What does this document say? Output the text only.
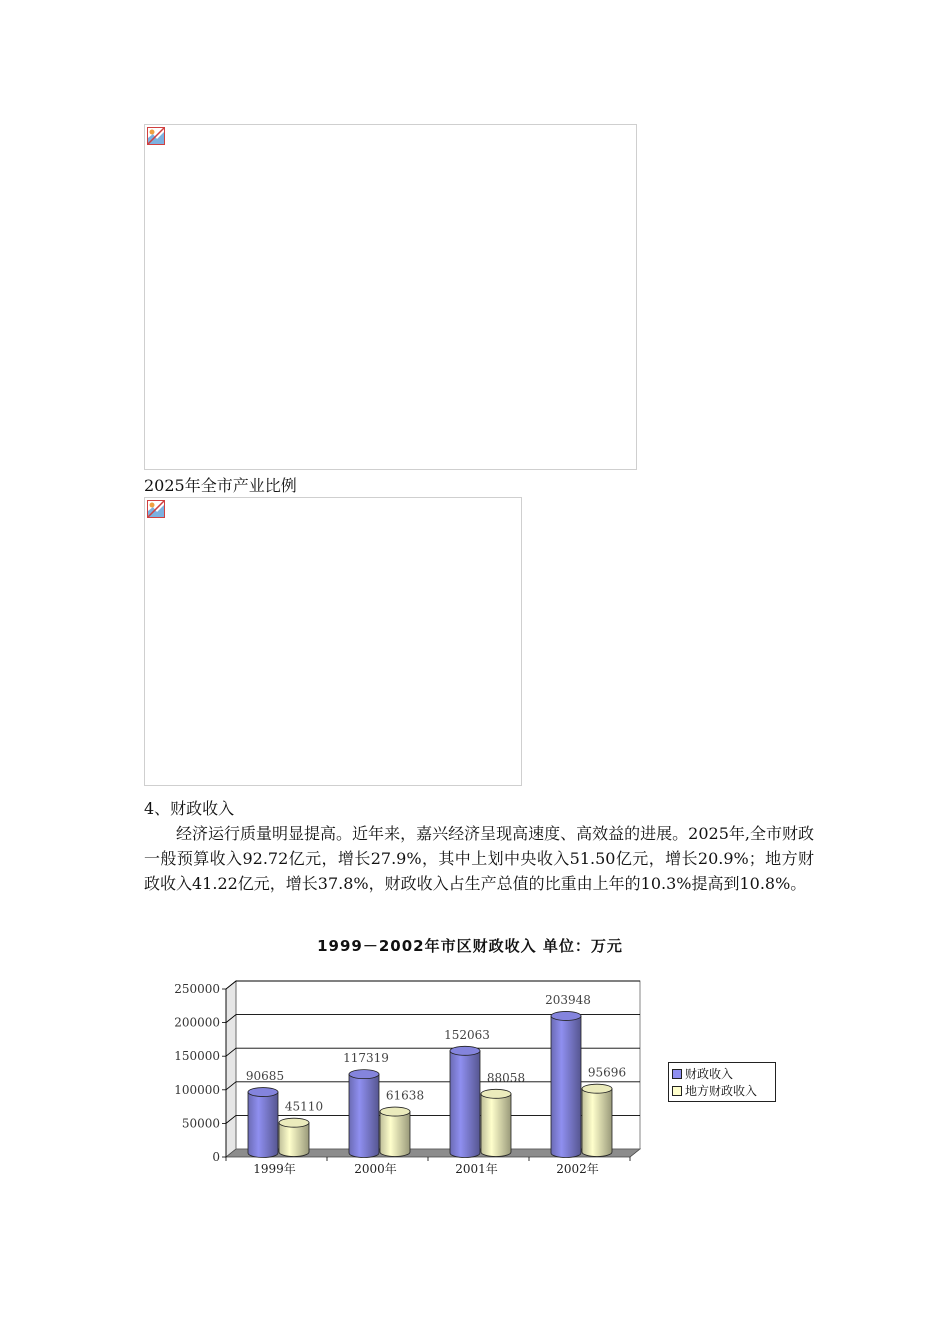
2025年全市产业比例
4、财政收入

经济运行质量明显提高。近年来，嘉兴经济呈现高速度、高效益的进展。2025年,全市财政一般预算收入92.72亿元，增长27.9%，其中上划中央收入51.50亿元，增长20.9%；地方财政收入41.22亿元，增长37.8%，财政收入占生产总值的比重由上年的10.3%提高到10.8%。

1999－2002年市区财政收入 单位：万元
0
50000
100000
150000
200000
250000
90685
45110
1999年
117319
61638
2000年
152063
88058
2001年
203948
95696
2002年
财政收入
地方财政收入
